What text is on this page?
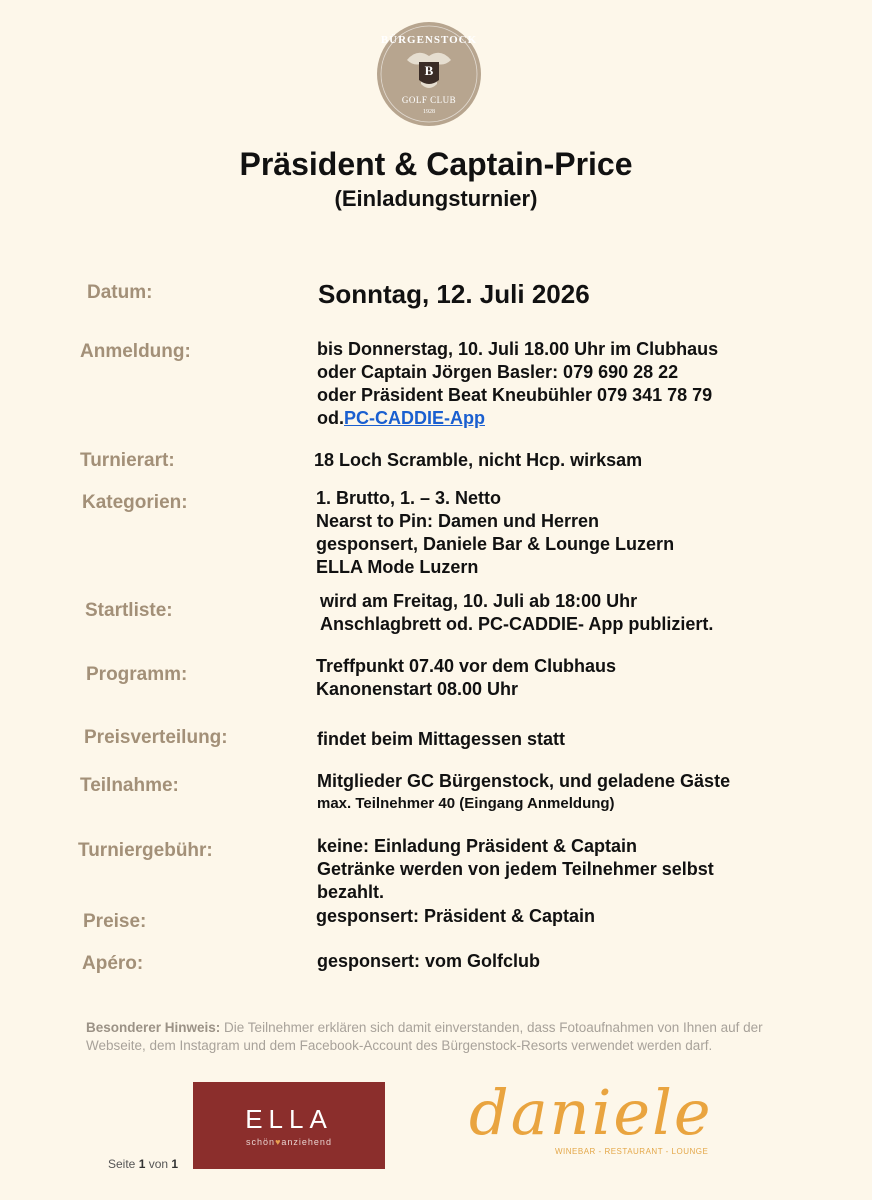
BÜRGENSTOCK
B
GOLF CLUB
1928
Präsident & Captain-Price
(Einladungsturnier)
Datum:	Sonntag, 12. Juli 2026
Anmeldung:	bis Donnerstag, 10. Juli 18.00 Uhr im Clubhaus
oder Captain Jörgen Basler: 079 690 28 22
oder Präsident Beat Kneubühler 079 341 78 79
od.PC-CADDIE-App
Turnierart:	18 Loch Scramble, nicht Hcp. wirksam
Kategorien:	1. Brutto, 1. – 3. Netto
Nearst to Pin: Damen und Herren
gesponsert, Daniele Bar & Lounge Luzern
ELLA Mode Luzern
Startliste:	wird am Freitag, 10. Juli ab 18:00 Uhr
Anschlagbrett od. PC-CADDIE- App publiziert.
Programm:	Treffpunkt 07.40 vor dem Clubhaus
Kanonenstart 08.00 Uhr
Preisverteilung:	findet beim Mittagessen statt
Teilnahme:	Mitglieder GC Bürgenstock, und geladene Gäste
max. Teilnehmer 40 (Eingang Anmeldung)
Turniergebühr:	keine: Einladung Präsident & Captain
Getränke werden von jedem Teilnehmer selbst
bezahlt.
Preise:	gesponsert: Präsident & Captain
Apéro:	gesponsert: vom Golfclub
Besonderer Hinweis: Die Teilnehmer erklären sich damit einverstanden, dass Fotoaufnahmen von Ihnen auf der Webseite, dem Instagram und dem Facebook-Account des Bürgenstock-Resorts verwendet werden darf.
ELLA
schön♥anziehend	daniele
WINEBAR - RESTAURANT - LOUNGE
Seite 1 von 1
